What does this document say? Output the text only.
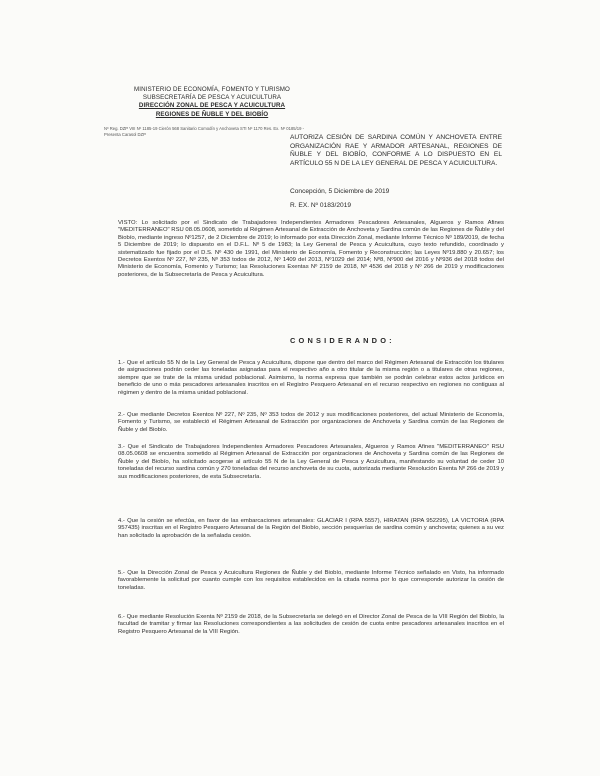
MINISTERIO DE ECONOMÍA, FOMENTO Y TURISMO
SUBSECRETARÍA DE PESCA Y ACUICULTURA
DIRECCIÓN ZONAL DE PESCA Y ACUICULTURA
REGIONES DE ÑUBLE Y DEL BIOBÍO
Nº Reg. DZP VIII Nº 1185-19 Cierón 568 Sanitario Comodín y Anchoveta STI Nº 1170 Res. Ex. Nº 0185/19 - Presenta Carasol DZP	AUTORIZA CESIÓN DE SARDINA COMÚN Y ANCHOVETA ENTRE ORGANIZACIÓN RAE Y ARMADOR ARTESANAL, REGIONES DE ÑUBLE Y DEL BIOBÍO, CONFORME A LO DISPUESTO EN EL ARTÍCULO 55 N DE LA LEY GENERAL DE PESCA Y ACUICULTURA.
Concepción, 5 Diciembre de 2019
R. EX. Nº 0183/2019
VISTO: Lo solicitado por el Sindicato de Trabajadores Independientes Armadores Pescadores Artesanales, Algueros y Ramos Afines "MEDITERRANEO" RSU 08.05.0608, sometido al Régimen Artesanal de Extracción de Anchoveta y Sardina común de las Regiones de Ñuble y del Biobío, mediante ingreso Nº1257, de 2 Diciembre de 2019; lo informado por esta Dirección Zonal, mediante Informe Técnico Nº 189/2019, de fecha 5 Diciembre de 2019; lo dispuesto en el D.F.L. Nº 5 de 1983; la Ley General de Pesca y Acuicultura, cuyo texto refundido, coordinado y sistematizado fue fijado por el D.S. Nº 430 de 1991, del Ministerio de Economía, Fomento y Reconstrucción; las Leyes Nº19.880 y 20.657; los Decretos Exentos Nº 227, Nº 235, Nº 353 todos de 2012, Nº 1409 del 2013, Nº1029 del 2014; Nº8, Nº900 del 2016 y Nº936 del 2018 todos del Ministerio de Economía, Fomento y Turismo; las Resoluciones Exentas Nº 2159 de 2018, Nº 4536 del 2018 y Nº 266 de 2019 y modificaciones posteriores, de la Subsecretaría de Pesca y Acuicultura.
CONSIDERANDO:
1.- Que el artículo 55 N de la Ley General de Pesca y Acuicultura, dispone que dentro del marco del Régimen Artesanal de Extracción los titulares de asignaciones podrán ceder las toneladas asignadas para el respectivo año a otro titular de la misma región o a titulares de otras regiones, siempre que se trate de la misma unidad poblacional. Asimismo, la norma expresa que también se podrán celebrar estos actos jurídicos en beneficio de uno o más pescadores artesanales inscritos en el Registro Pesquero Artesanal en el recurso respectivo en regiones no contiguas al régimen y dentro de la misma unidad poblacional.
2.- Que mediante Decretos Exentos Nº 227, Nº 235, Nº 353 todos de 2012 y sus modificaciones posteriores, del actual Ministerio de Economía, Fomento y Turismo, se estableció el Régimen Artesanal de Extracción por organizaciones de Anchoveta y Sardina común de las Regiones de Ñuble y del Biobío.
3.- Que el Sindicato de Trabajadores Independientes Armadores Pescadores Artesanales, Algueros y Ramos Afines "MEDITERRANEO" RSU 08.05.0608 se encuentra sometido al Régimen Artesanal de Extracción por organizaciones de Anchoveta y Sardina común de las Regiones de Ñuble y del Biobío, ha solicitado acogerse al artículo 55 N de la Ley General de Pesca y Acuicultura, manifestando su voluntad de ceder 10 toneladas del recurso sardina común y 270 toneladas del recurso anchoveta de su cuota, autorizada mediante Resolución Exenta Nº 266 de 2019 y sus modificaciones posteriores, de esta Subsecretaría.
4.- Que la cesión se efectúa, en favor de las embarcaciones artesanales: GLACIAR I (RPA 5557), HIRATAN (RPA 952295), LA VICTORIA (RPA 957435) inscritas en el Registro Pesquero Artesanal de la Región del Biobío, sección pesquerías de sardina común y anchoveta; quienes a su vez han solicitado la aprobación de la señalada cesión.
5.- Que la Dirección Zonal de Pesca y Acuicultura Regiones de Ñuble y del Biobío, mediante Informe Técnico señalado en Visto, ha informado favorablemente la solicitud por cuanto cumple con los requisitos establecidos en la citada norma por lo que corresponde autorizar la cesión de toneladas.
6.- Que mediante Resolución Exenta Nº 2159 de 2018, de la Subsecretaría se delegó en el Director Zonal de Pesca de la VIII Región del Biobío, la facultad de tramitar y firmar las Resoluciones correspondientes a las solicitudes de cesión de cuota entre pescadores artesanales inscritos en el Registro Pesquero Artesanal de la VIII Región.
